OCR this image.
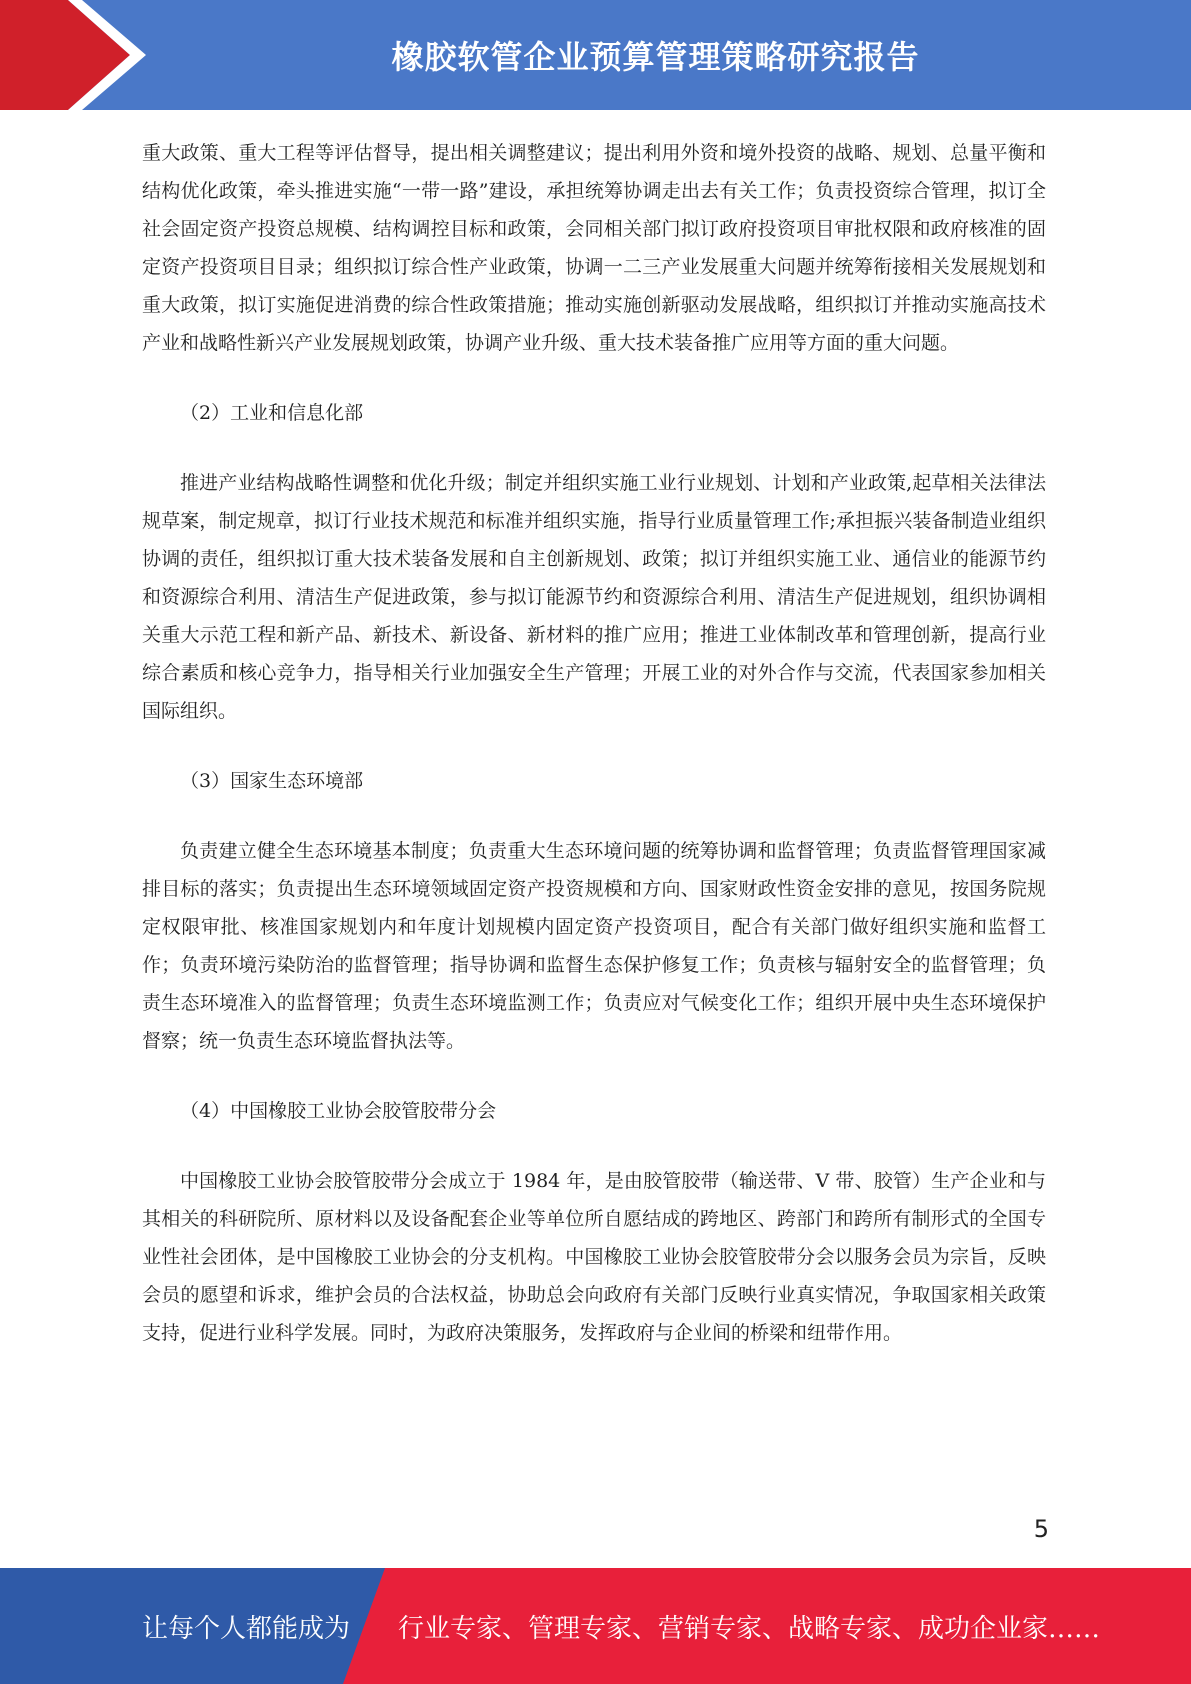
橡胶软管企业预算管理策略研究报告

重大政策、重大工程等评估督导，提出相关调整建议；提出利用外资和境外投资的战略、规划、总量平衡和结构优化政策，牵头推进实施“一带一路”建设，承担统筹协调走出去有关工作；负责投资综合管理，拟订全社会固定资产投资总规模、结构调控目标和政策，会同相关部门拟订政府投资项目审批权限和政府核准的固定资产投资项目目录；组织拟订综合性产业政策，协调一二三产业发展重大问题并统筹衔接相关发展规划和重大政策，拟订实施促进消费的综合性政策措施；推动实施创新驱动发展战略，组织拟订并推动实施高技术产业和战略性新兴产业发展规划政策，协调产业升级、重大技术装备推广应用等方面的重大问题。

（2）工业和信息化部

推进产业结构战略性调整和优化升级；制定并组织实施工业行业规划、计划和产业政策,起草相关法律法规草案，制定规章，拟订行业技术规范和标准并组织实施，指导行业质量管理工作;承担振兴装备制造业组织协调的责任，组织拟订重大技术装备发展和自主创新规划、政策；拟订并组织实施工业、通信业的能源节约和资源综合利用、清洁生产促进政策，参与拟订能源节约和资源综合利用、清洁生产促进规划，组织协调相关重大示范工程和新产品、新技术、新设备、新材料的推广应用；推进工业体制改革和管理创新，提高行业综合素质和核心竞争力，指导相关行业加强安全生产管理；开展工业的对外合作与交流，代表国家参加相关国际组织。

（3）国家生态环境部

负责建立健全生态环境基本制度；负责重大生态环境问题的统筹协调和监督管理；负责监督管理国家减排目标的落实；负责提出生态环境领域固定资产投资规模和方向、国家财政性资金安排的意见，按国务院规定权限审批、核准国家规划内和年度计划规模内固定资产投资项目，配合有关部门做好组织实施和监督工作；负责环境污染防治的监督管理；指导协调和监督生态保护修复工作；负责核与辐射安全的监督管理；负责生态环境准入的监督管理；负责生态环境监测工作；负责应对气候变化工作；组织开展中央生态环境保护督察；统一负责生态环境监督执法等。

（4）中国橡胶工业协会胶管胶带分会

中国橡胶工业协会胶管胶带分会成立于 1984 年，是由胶管胶带（输送带、V 带、胶管）生产企业和与其相关的科研院所、原材料以及设备配套企业等单位所自愿结成的跨地区、跨部门和跨所有制形式的全国专业性社会团体，是中国橡胶工业协会的分支机构。中国橡胶工业协会胶管胶带分会以服务会员为宗旨，反映会员的愿望和诉求，维护会员的合法权益，协助总会向政府有关部门反映行业真实情况，争取国家相关政策支持，促进行业科学发展。同时，为政府决策服务，发挥政府与企业间的桥梁和纽带作用。

5
让每个人都能成为 行业专家、管理专家、营销专家、战略专家、成功企业家……
